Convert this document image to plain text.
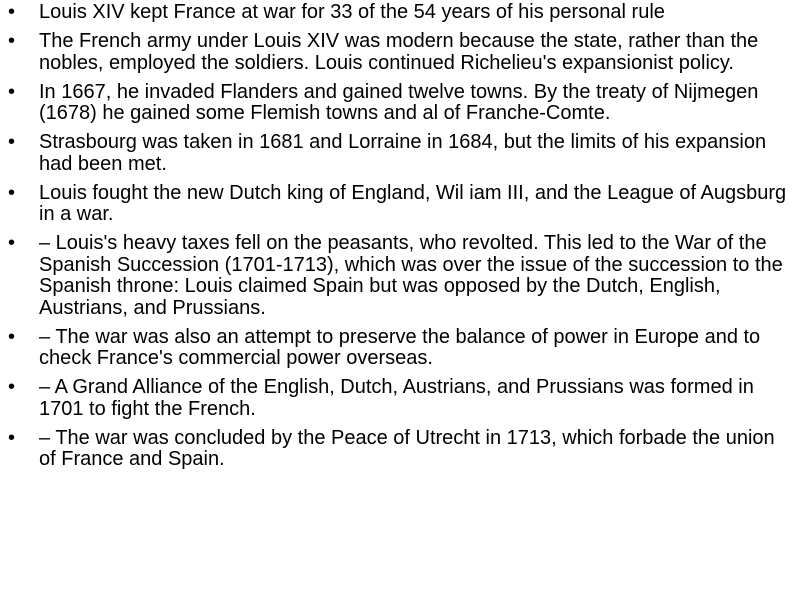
•	Louis XIV kept France at war for 33 of the 54 years of his personal rule
•	The French army under Louis XIV was modern because the state, rather than the nobles, employed the soldiers. Louis continued Richelieu's expansionist policy.
•	In 1667, he invaded Flanders and gained twelve towns. By the treaty of Nijmegen (1678) he gained some Flemish towns and al of Franche-Comte.
•	Strasbourg was taken in 1681 and Lorraine in 1684, but the limits of his expansion had been met.
•	Louis fought the new Dutch king of England, Wil iam III, and the League of Augsburg in a war.
•	– Louis's heavy taxes fell on the peasants, who revolted. This led to the War of the Spanish Succession (1701-1713), which was over the issue of the succession to the Spanish throne: Louis claimed Spain but was opposed by the Dutch, English, Austrians, and Prussians.
•	– The war was also an attempt to preserve the balance of power in Europe and to check France's commercial power overseas.
•	– A Grand Alliance of the English, Dutch, Austrians, and Prussians was formed in 1701 to fight the French.
•	– The war was concluded by the Peace of Utrecht in 1713, which forbade the union of France and Spain.
